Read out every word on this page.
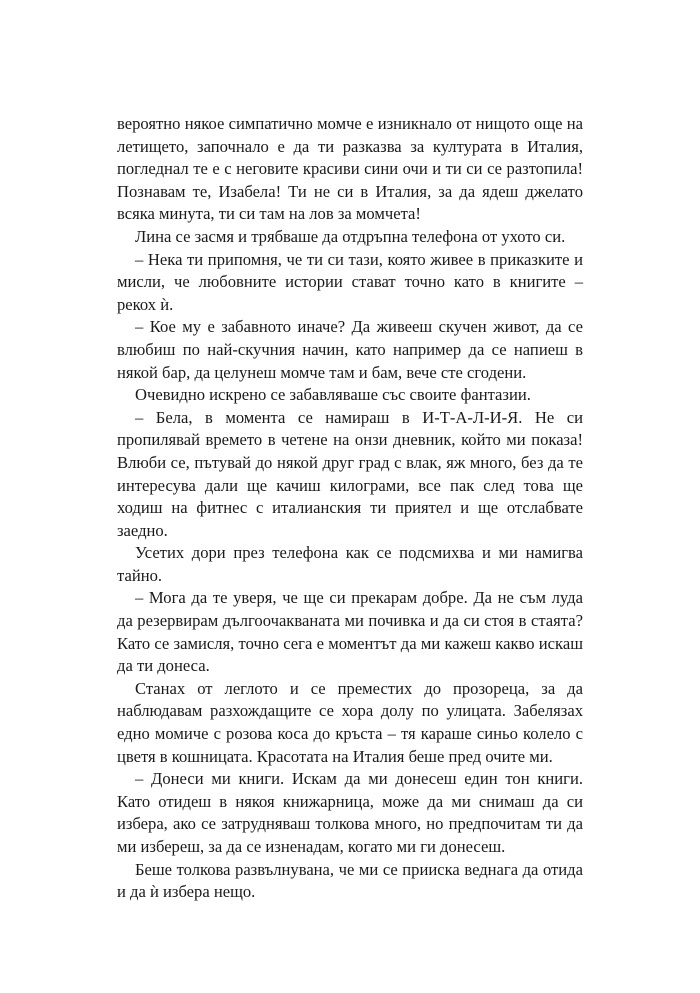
вероятно някое симпатично момче е изникнало от нищото още на летището, започнало е да ти разказва за културата в Италия, погледнал те е с неговите красиви сини очи и ти си се разтопила! Познавам те, Изабела! Ти не си в Италия, за да ядеш джелато всяка минута, ти си там на лов за момчета!

Лина се засмя и трябваше да отдръпна телефона от ухото си.

– Нека ти припомня, че ти си тази, която живее в приказките и мисли, че любовните истории стават точно като в книгите – рекох ѝ.

– Кое му е забавното иначе? Да живееш скучен живот, да се влюбиш по най-скучния начин, като например да се напиеш в някой бар, да целунеш момче там и бам, вече сте сгодени.

Очевидно искрено се забавляваше със своите фантазии.

– Бела, в момента се намираш в И-Т-А-Л-И-Я. Не си пропилявай времето в четене на онзи дневник, който ми показа! Влюби се, пътувай до някой друг град с влак, яж много, без да те интересува дали ще качиш килограми, все пак след това ще ходиш на фитнес с италианския ти приятел и ще отслабвате заедно.

Усетих дори през телефона как се подсмихва и ми намигва тайно.

– Мога да те уверя, че ще си прекарам добре. Да не съм луда да резервирам дългоочакваната ми почивка и да си стоя в стаята? Като се замисля, точно сега е моментът да ми кажеш какво искаш да ти донеса.

Станах от леглото и се преместих до прозореца, за да наблюдавам разхождащите се хора долу по улицата. Забелязах едно момиче с розова коса до кръста – тя караше синьо колело с цветя в кошницата. Красотата на Италия беше пред очите ми.

– Донеси ми книги. Искам да ми донесеш един тон книги. Като отидеш в някоя книжарница, може да ми снимаш да си избера, ако се затрудняваш толкова много, но предпочитам ти да ми избереш, за да се изненадам, когато ми ги донесеш.

Беше толкова развълнувана, че ми се прииска веднага да отида и да ѝ избера нещо.
